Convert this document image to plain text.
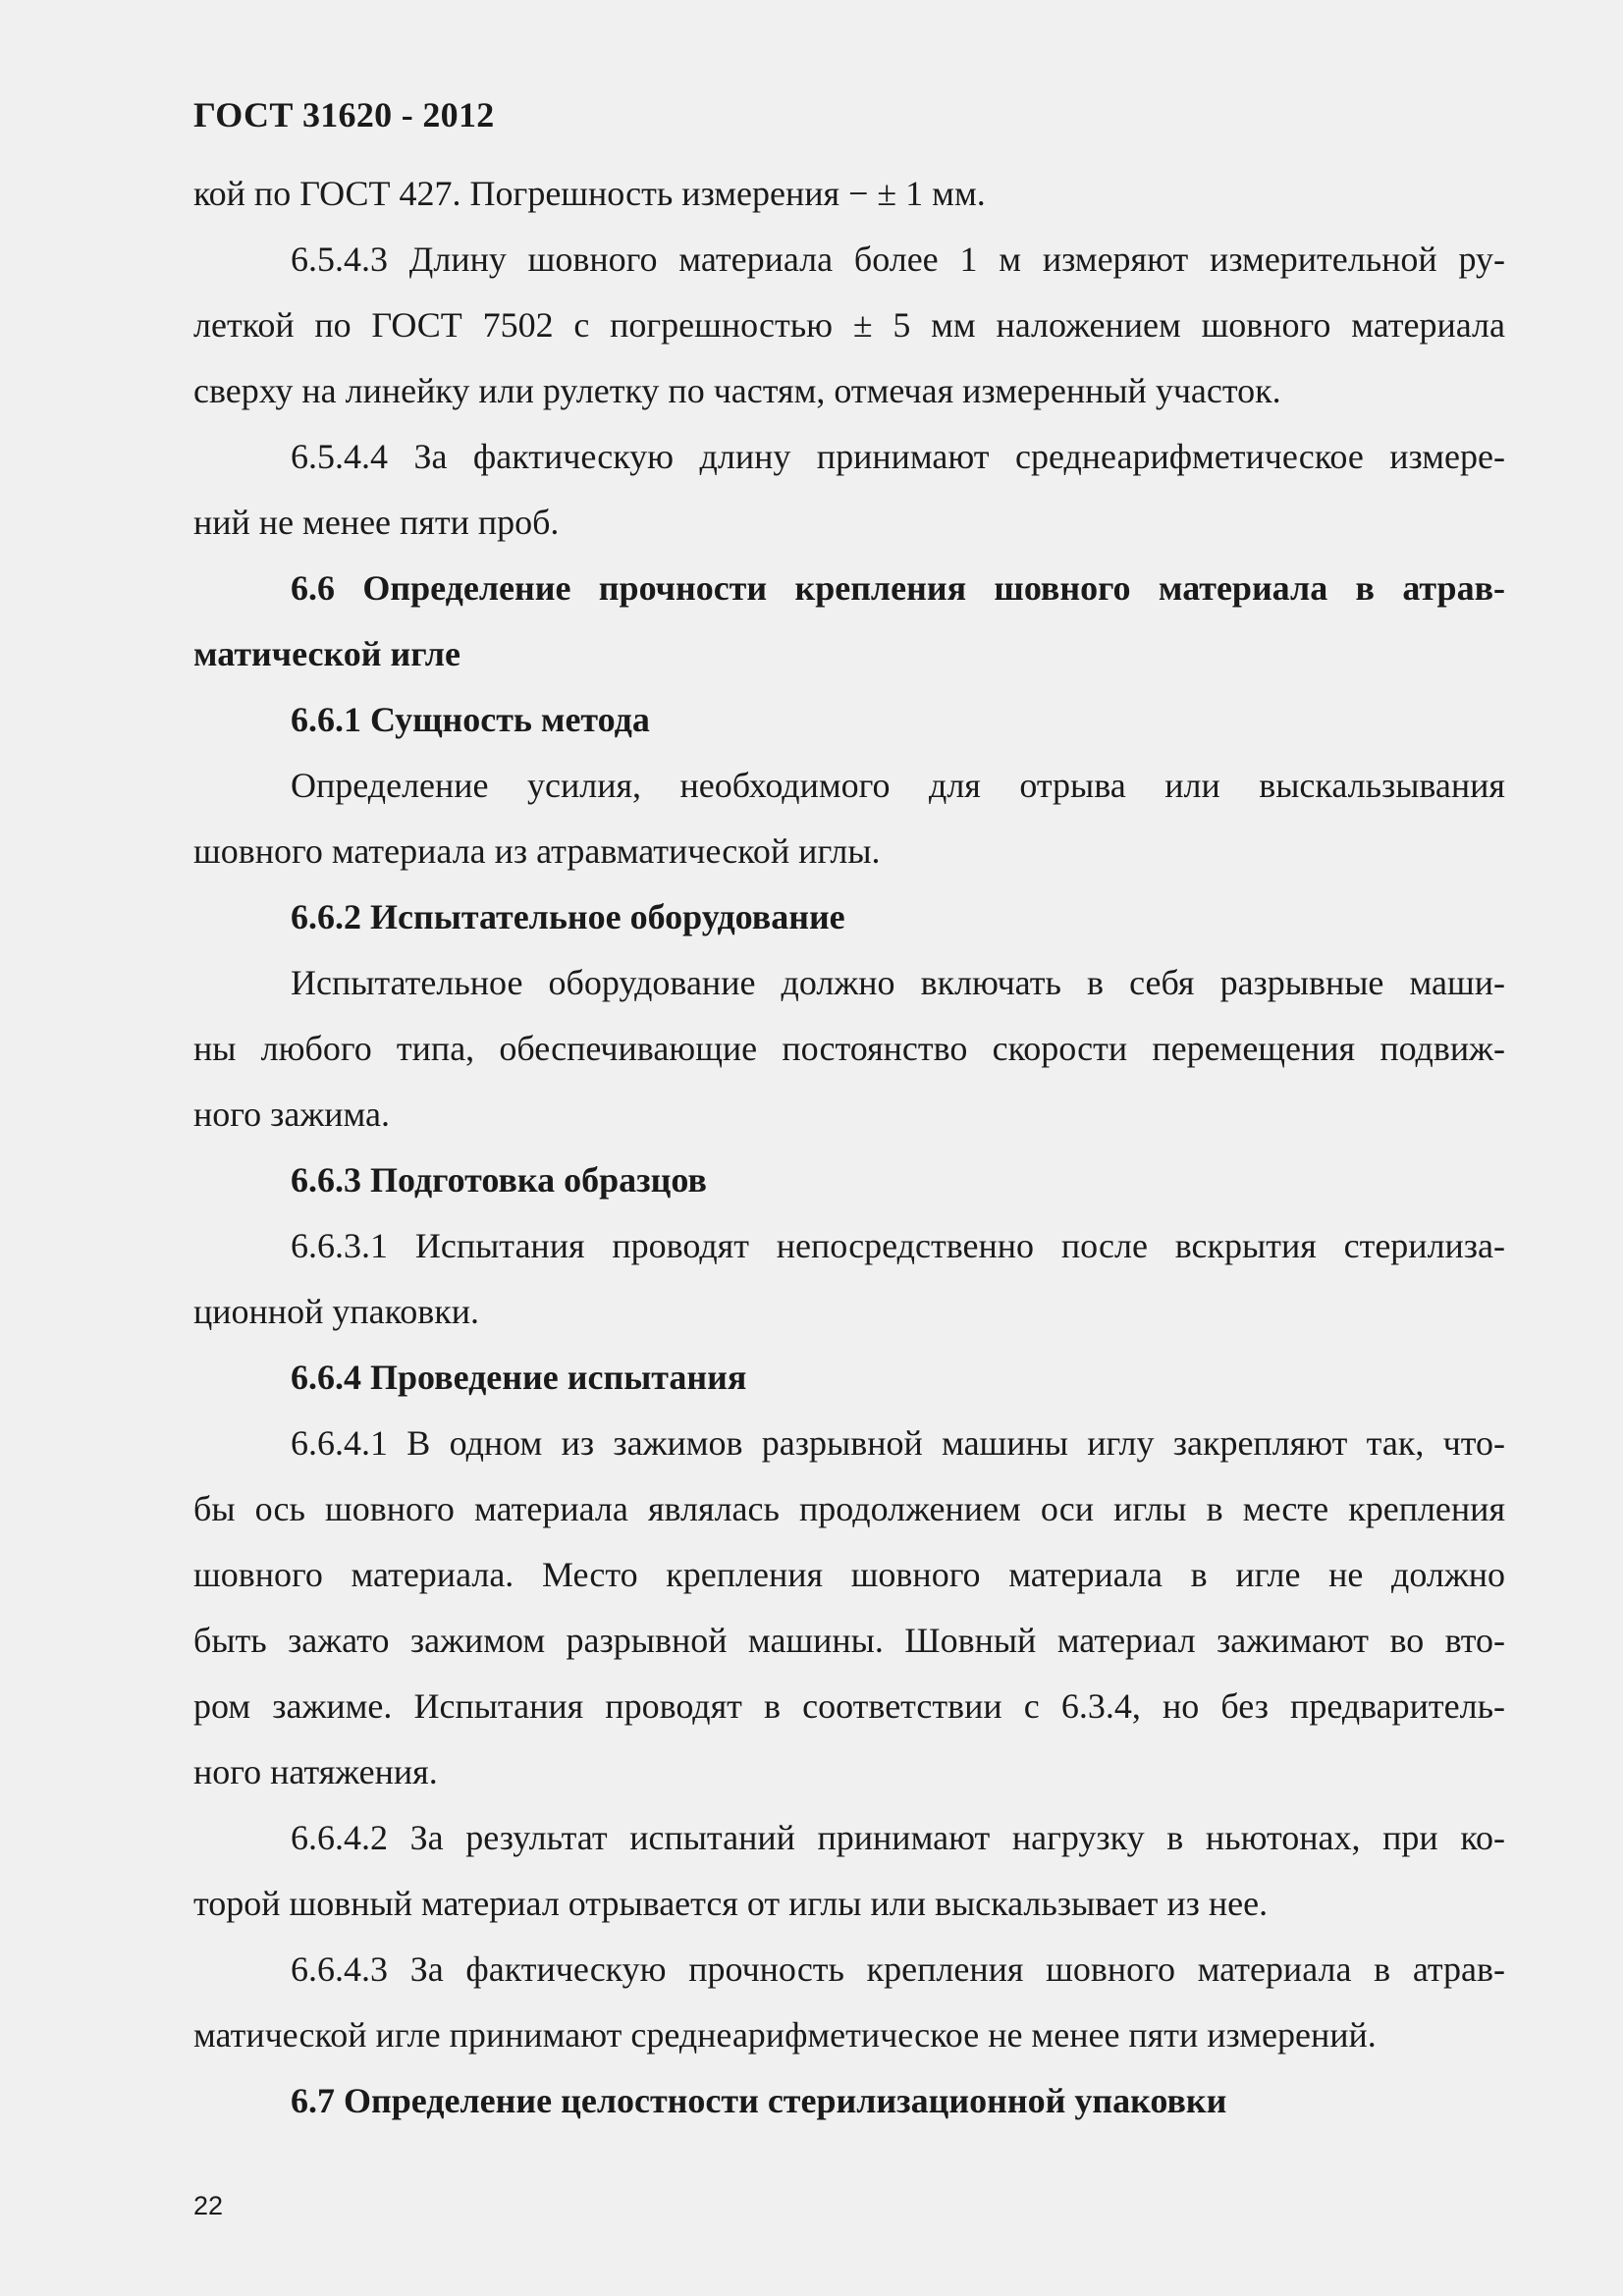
ГОСТ 31620 - 2012
кой по ГОСТ 427. Погрешность измерения − ± 1 мм.
6.5.4.3 Длину шовного материала более 1 м измеряют измерительной ру-
леткой по ГОСТ 7502 с погрешностью ± 5 мм наложением шовного материала
сверху на линейку или рулетку по частям, отмечая измеренный участок.
6.5.4.4 За фактическую длину принимают среднеарифметическое измере-
ний не менее пяти проб.
6.6 Определение прочности крепления шовного материала в атрав-
матической игле
6.6.1 Сущность метода
Определение усилия, необходимого для отрыва или выскальзывания
шовного материала из атравматической иглы.
6.6.2 Испытательное оборудование
Испытательное оборудование должно включать в себя разрывные маши-
ны любого типа, обеспечивающие постоянство скорости перемещения подвиж-
ного зажима.
6.6.3 Подготовка образцов
6.6.3.1 Испытания проводят непосредственно после вскрытия стерилиза-
ционной упаковки.
6.6.4 Проведение испытания
6.6.4.1 В одном из зажимов разрывной машины иглу закрепляют так, что-
бы ось шовного материала являлась продолжением оси иглы в месте крепления
шовного материала. Место крепления шовного материала в игле не должно
быть зажато зажимом разрывной машины. Шовный материал зажимают во вто-
ром зажиме. Испытания проводят в соответствии с 6.3.4, но без предваритель-
ного натяжения.
6.6.4.2 За результат испытаний принимают нагрузку в ньютонах, при ко-
торой шовный материал отрывается от иглы или выскальзывает из нее.
6.6.4.3 За фактическую прочность крепления шовного материала в атрав-
матической игле принимают среднеарифметическое не менее пяти измерений.
6.7 Определение целостности стерилизационной упаковки
22
